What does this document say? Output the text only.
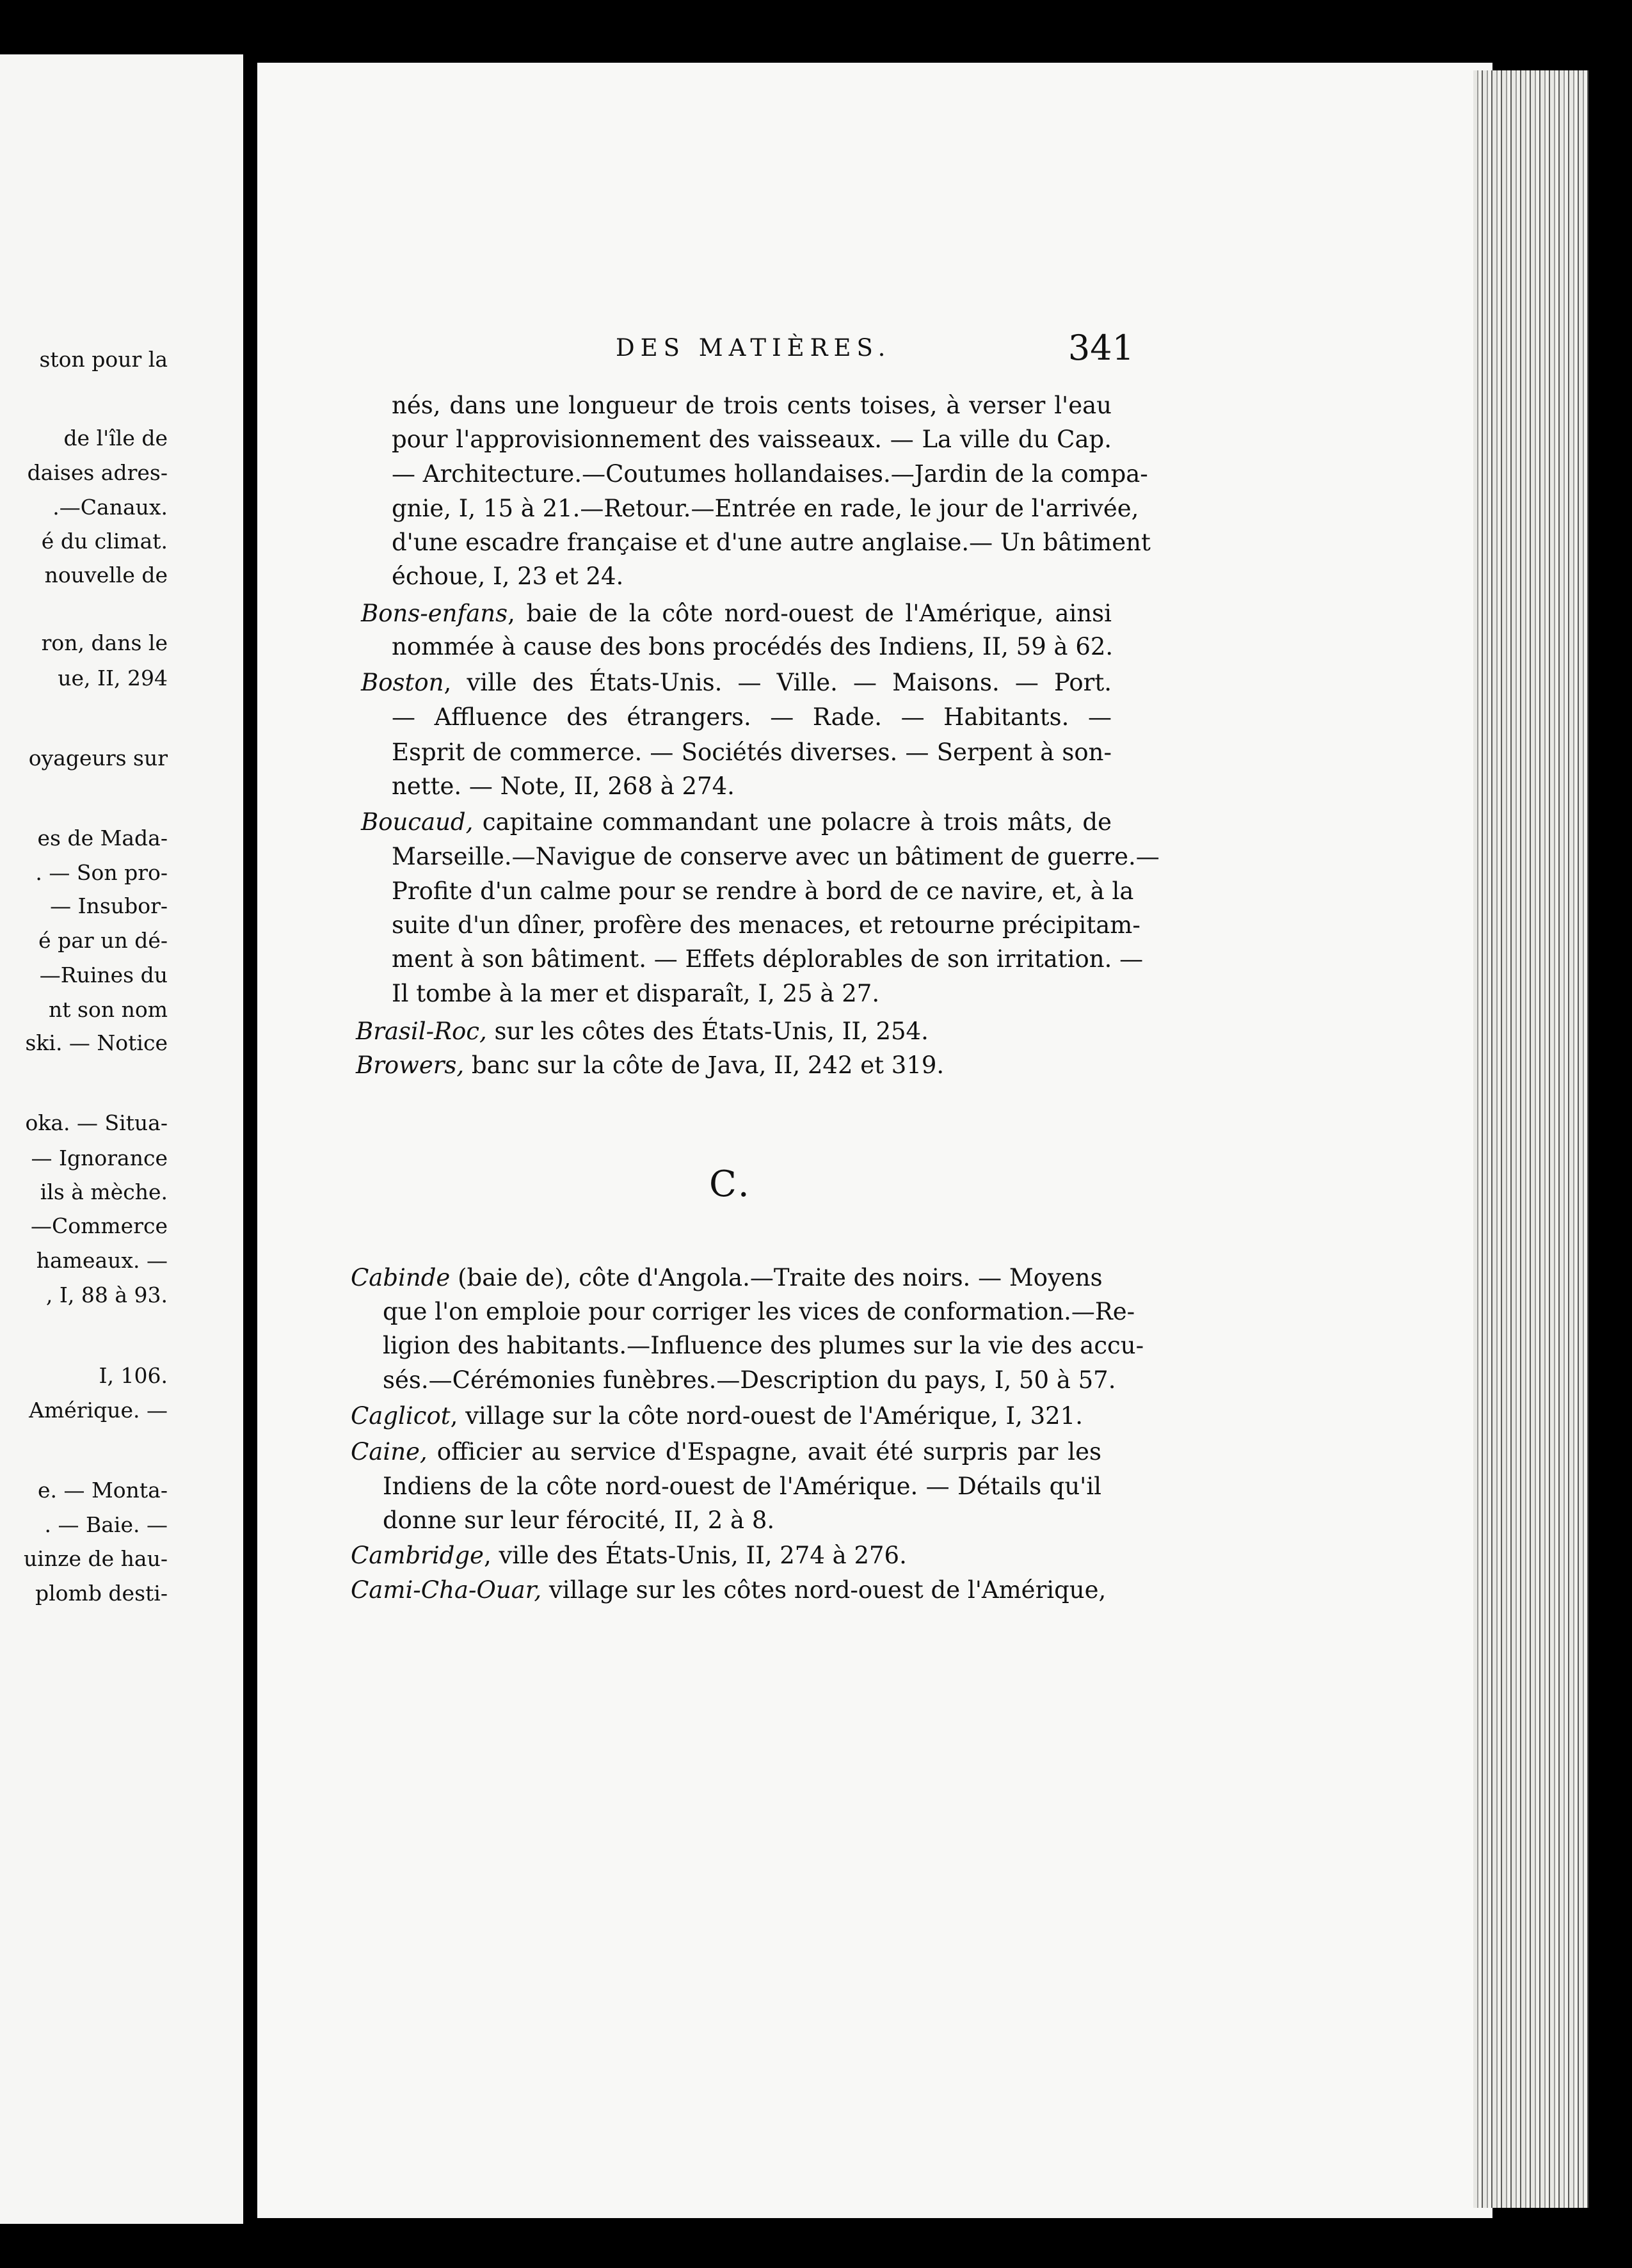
ston pour la
de l'île de
daises adres-
.—Canaux.
é du climat.
nouvelle de
ron, dans le
ue, II, 294
oyageurs sur
es de Mada-
. — Son pro-
— Insubor-
é par un dé-
—Ruines du
nt son nom
ski. — Notice
oka. — Situa-
— Ignorance
ils à mèche.
—Commerce
hameaux. —
, I, 88 à 93.
I, 106.
Amérique. —
e. — Monta-
. — Baie. —
uinze de hau-
plomb desti-
DES MATIÈRES.	341
nés, dans une longueur de trois cents toises, à verser l'eau
pour l'approvisionnement des vaisseaux. — La ville du Cap.
— Architecture.—Coutumes hollandaises.—Jardin de la compa-
gnie, I, 15 à 21.—Retour.—Entrée en rade, le jour de l'arrivée,
d'une escadre française et d'une autre anglaise.— Un bâtiment
échoue, I, 23 et 24.
Bons-enfans, baie de la côte nord-ouest de l'Amérique, ainsi
nommée à cause des bons procédés des Indiens, II, 59 à 62.
Boston, ville des États-Unis. — Ville. — Maisons. — Port.
— Affluence des étrangers. — Rade. — Habitants. —
Esprit de commerce. — Sociétés diverses. — Serpent à son-
nette. — Note, II, 268 à 274.
Boucaud, capitaine commandant une polacre à trois mâts, de
Marseille.—Navigue de conserve avec un bâtiment de guerre.—
Profite d'un calme pour se rendre à bord de ce navire, et, à la
suite d'un dîner, profère des menaces, et retourne précipitam-
ment à son bâtiment. — Effets déplorables de son irritation. —
Il tombe à la mer et disparaît, I, 25 à 27.
Brasil-Roc, sur les côtes des États-Unis, II, 254.
Browers, banc sur la côte de Java, II, 242 et 319.
Cabinde (baie de), côte d'Angola.—Traite des noirs. — Moyens
que l'on emploie pour corriger les vices de conformation.—Re-
ligion des habitants.—Influence des plumes sur la vie des accu-
sés.—Cérémonies funèbres.—Description du pays, I, 50 à 57.
Caglicot, village sur la côte nord-ouest de l'Amérique, I, 321.
Caine, officier au service d'Espagne, avait été surpris par les
Indiens de la côte nord-ouest de l'Amérique. — Détails qu'il
donne sur leur férocité, II, 2 à 8.
Cambridge, ville des États-Unis, II, 274 à 276.
Cami-Cha-Ouar, village sur les côtes nord-ouest de l'Amérique,
C.
